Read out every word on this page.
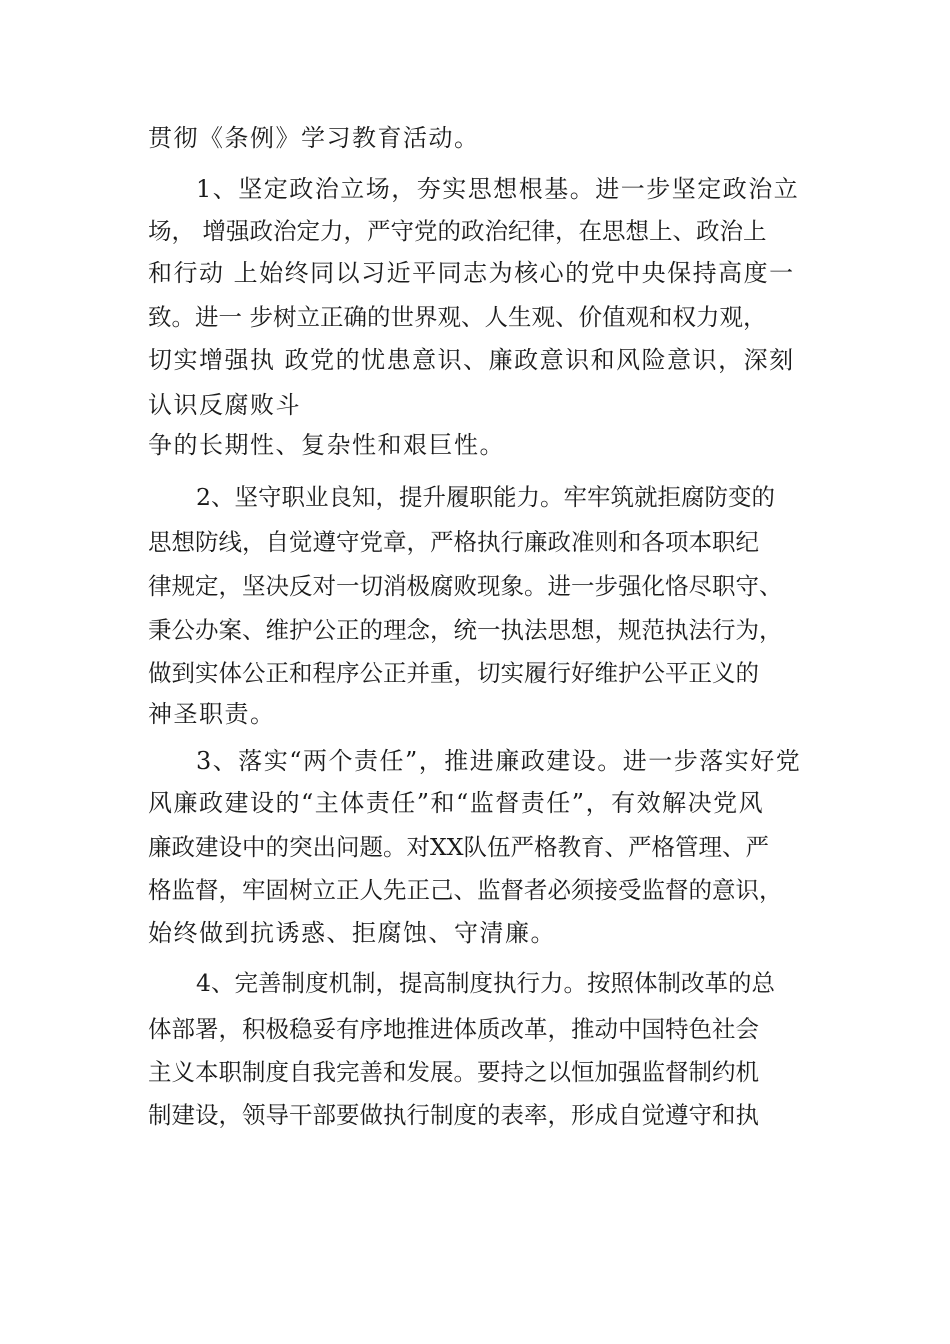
贯彻《条例》学习教育活动。
1、坚定政治立场，夯实思想根基。进一步坚定政治立
场， 增强政治定力，严守党的政治纪律，在思想上、政治上
和行动 上始终同以习近平同志为核心的党中央保持高度一
致。进一 步树立正确的世界观、人生观、价值观和权力观，
切实增强执 政党的忧患意识、廉政意识和风险意识，深刻
认识反腐败斗
争的长期性、复杂性和艰巨性。
2、坚守职业良知，提升履职能力。牢牢筑就拒腐防变的
思想防线，自觉遵守党章，严格执行廉政准则和各项本职纪
律规定，坚决反对一切消极腐败现象。进一步强化恪尽职守、
秉公办案、维护公正的理念，统一执法思想，规范执法行为，
做到实体公正和程序公正并重，切实履行好维护公平正义的
神圣职责。
3、落实“两个责任”，推进廉政建设。进一步落实好党
风廉政建设的“主体责任”和“监督责任”，有效解决党风
廉政建设中的突出问题。对XX队伍严格教育、严格管理、严
格监督，牢固树立正人先正己、监督者必须接受监督的意识，
始终做到抗诱惑、拒腐蚀、守清廉。
4、完善制度机制，提高制度执行力。按照体制改革的总
体部署，积极稳妥有序地推进体质改革，推动中国特色社会
主义本职制度自我完善和发展。要持之以恒加强监督制约机
制建设，领导干部要做执行制度的表率，形成自觉遵守和执
